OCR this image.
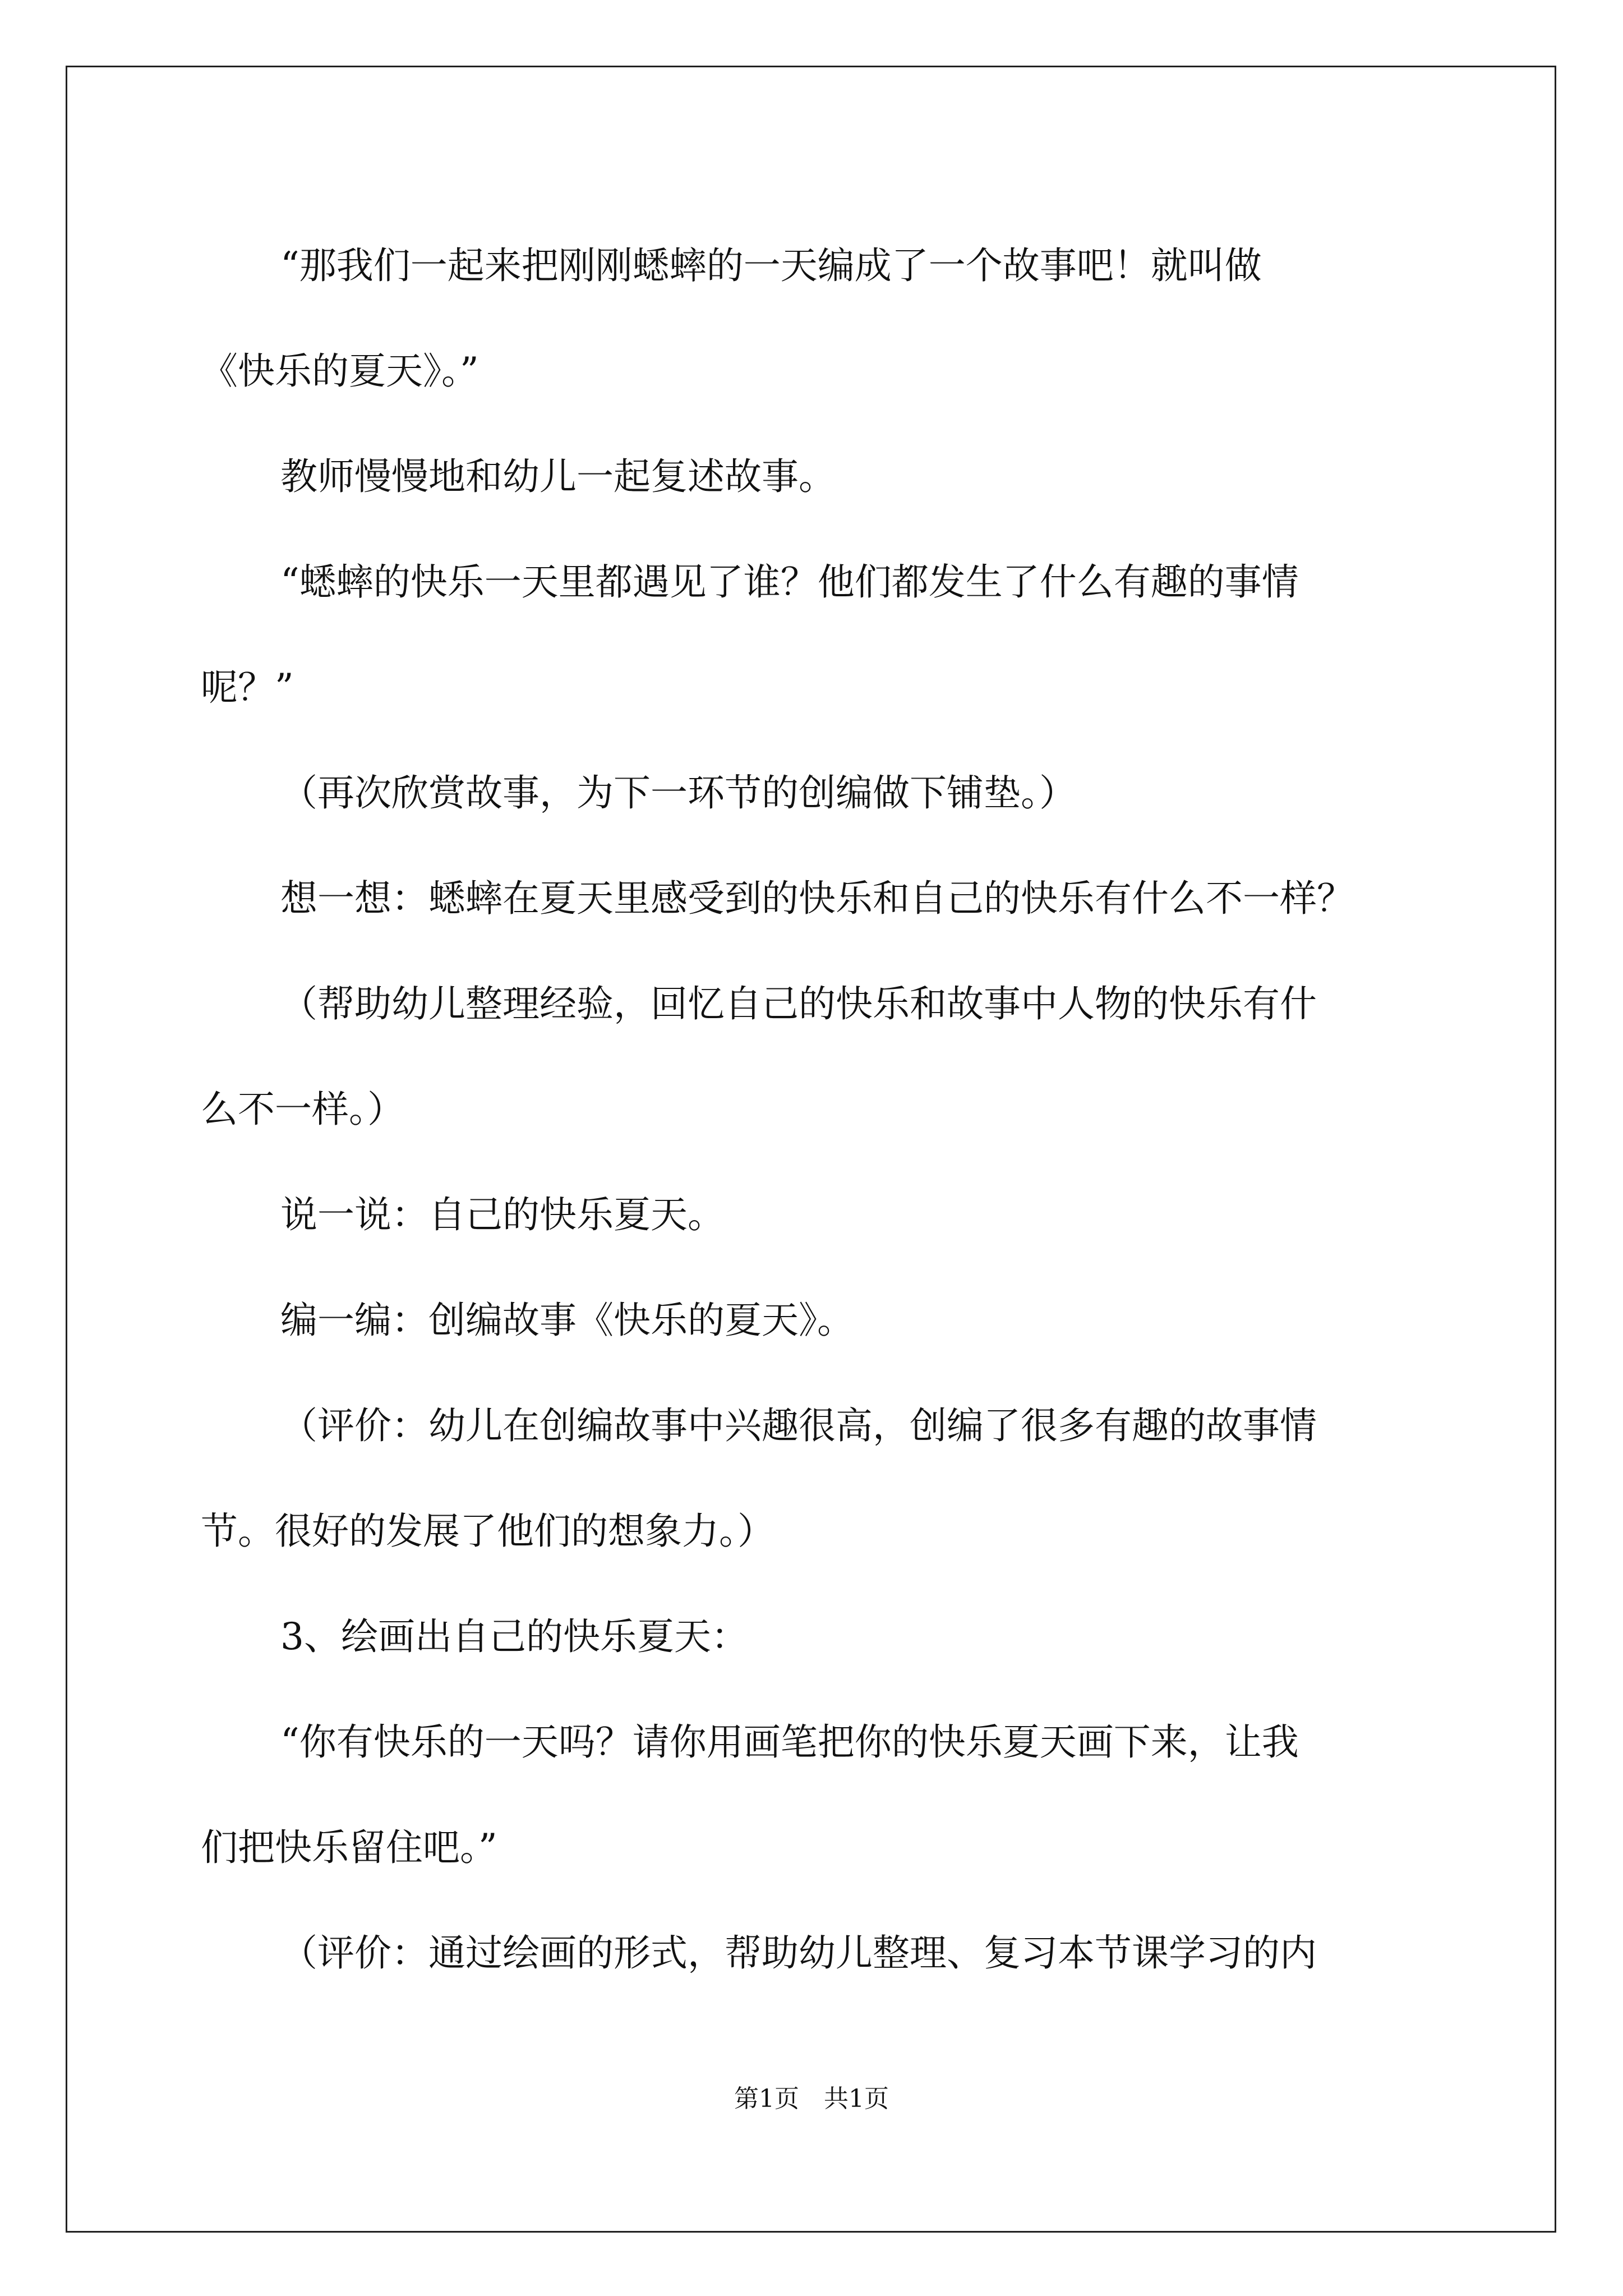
“那我们一起来把刚刚蟋蟀的一天编成了一个故事吧！就叫做

《快乐的夏天》。”

教师慢慢地和幼儿一起复述故事。

“蟋蟀的快乐一天里都遇见了谁？他们都发生了什么有趣的事情

呢？”

（再次欣赏故事，为下一环节的创编做下铺垫。）

想一想：蟋蟀在夏天里感受到的快乐和自己的快乐有什么不一样？

（帮助幼儿整理经验，回忆自己的快乐和故事中人物的快乐有什

么不一样。）

说一说：自己的快乐夏天。

编一编：创编故事《快乐的夏天》。

（评价：幼儿在创编故事中兴趣很高，创编了很多有趣的故事情

节。很好的发展了他们的想象力。）

3、绘画出自己的快乐夏天：

“你有快乐的一天吗？请你用画笔把你的快乐夏天画下来，让我

们把快乐留住吧。”

（评价：通过绘画的形式，帮助幼儿整理、复习本节课学习的内

第1页　共1页
